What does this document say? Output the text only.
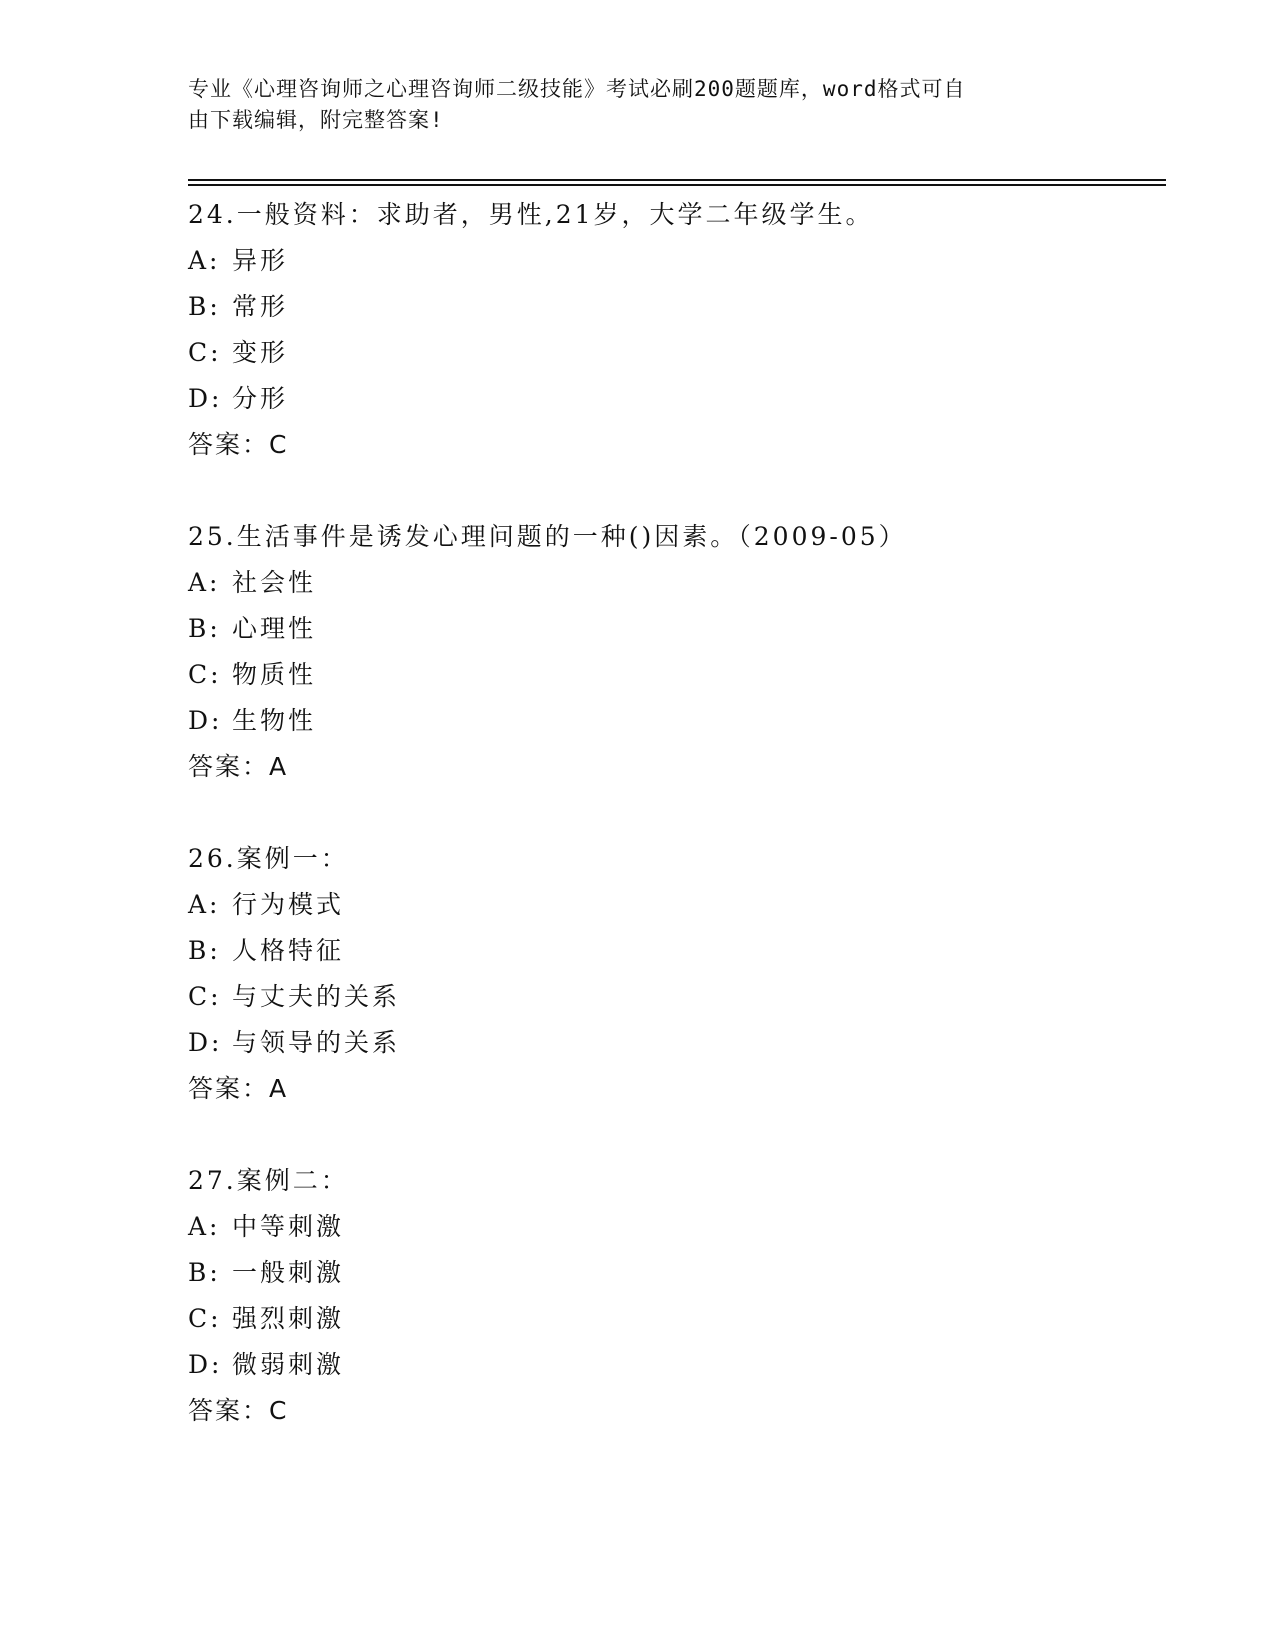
专业《心理咨询师之心理咨询师二级技能》考试必刷200题题库，word格式可自
由下载编辑，附完整答案!
24.一般资料：求助者，男性,21岁，大学二年级学生。
A: 异形
B: 常形
C: 变形
D: 分形
答案：C
25.生活事件是诱发心理问题的一种()因素。（2009-05）
A: 社会性
B: 心理性
C: 物质性
D: 生物性
答案：A
26.案例一：
A: 行为模式
B: 人格特征
C: 与丈夫的关系
D: 与领导的关系
答案：A
27.案例二：
A: 中等刺激
B: 一般刺激
C: 强烈刺激
D: 微弱刺激
答案：C
